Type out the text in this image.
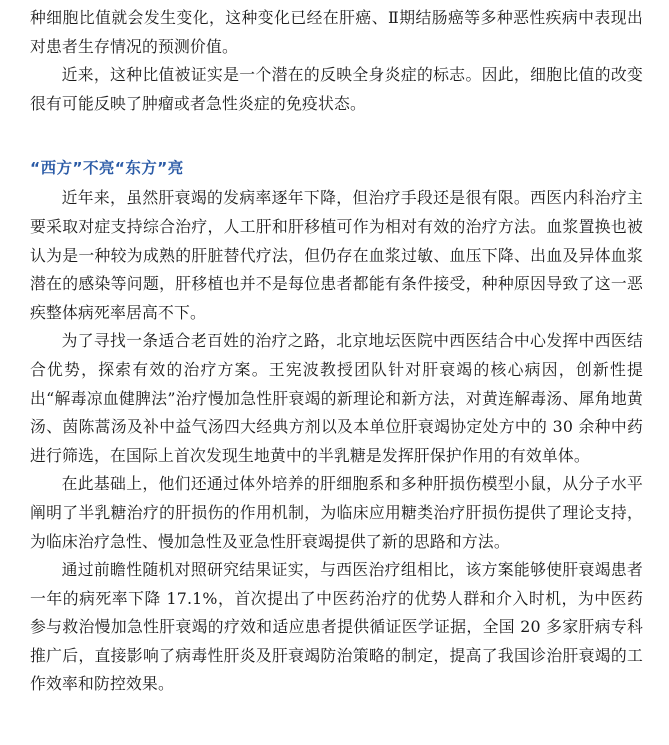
种细胞比值就会发生变化，这种变化已经在肝癌、Ⅱ期结肠癌等多种恶性疾病中表现出对患者生存情况的预测价值。

近来，这种比值被证实是一个潜在的反映全身炎症的标志。因此，细胞比值的改变很有可能反映了肿瘤或者急性炎症的免疫状态。

“西方”不亮“东方”亮

近年来，虽然肝衰竭的发病率逐年下降，但治疗手段还是很有限。西医内科治疗主要采取对症支持综合治疗，人工肝和肝移植可作为相对有效的治疗方法。血浆置换也被认为是一种较为成熟的肝脏替代疗法，但仍存在血浆过敏、血压下降、出血及异体血浆潜在的感染等问题，肝移植也并不是每位患者都能有条件接受，种种原因导致了这一恶疾整体病死率居高不下。

为了寻找一条适合老百姓的治疗之路，北京地坛医院中西医结合中心发挥中西医结合优势，探索有效的治疗方案。王宪波教授团队针对肝衰竭的核心病因，创新性提出“解毒凉血健脾法”治疗慢加急性肝衰竭的新理论和新方法，对黄连解毒汤、犀角地黄汤、茵陈蒿汤及补中益气汤四大经典方剂以及本单位肝衰竭协定处方中的 30 余种中药进行筛选，在国际上首次发现生地黄中的半乳糖是发挥肝保护作用的有效单体。

在此基础上，他们还通过体外培养的肝细胞系和多种肝损伤模型小鼠，从分子水平阐明了半乳糖治疗的肝损伤的作用机制，为临床应用糖类治疗肝损伤提供了理论支持，为临床治疗急性、慢加急性及亚急性肝衰竭提供了新的思路和方法。

通过前瞻性随机对照研究结果证实，与西医治疗组相比，该方案能够使肝衰竭患者一年的病死率下降 17.1%，首次提出了中医药治疗的优势人群和介入时机，为中医药参与救治慢加急性肝衰竭的疗效和适应患者提供循证医学证据，全国 20 多家肝病专科推广后，直接影响了病毒性肝炎及肝衰竭防治策略的制定，提高了我国诊治肝衰竭的工作效率和防控效果。
